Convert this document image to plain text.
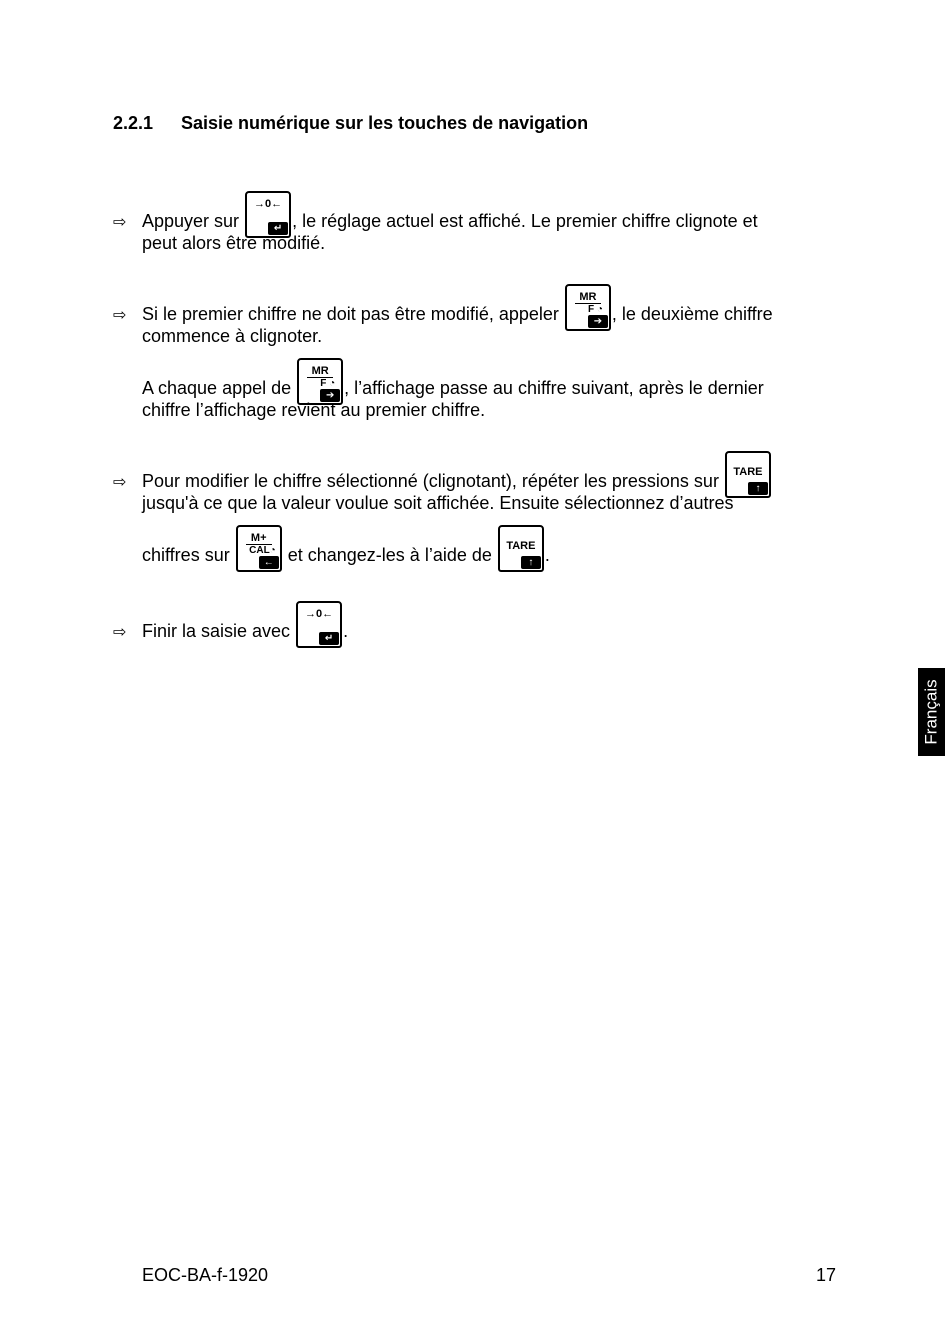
2.2.1	Saisie numérique sur les touches de navigation
⇨ Appuyer sur

→0←
↵ , le réglage actuel est affiché. Le premier chiffre clignote et
peut alors être modifié.
⇨ Si le premier chiffre ne doit pas être modifié, appeler

MR
F ◔
➔ , le deuxième chiffre
commence à clignoter.
A chaque appel de

MR
F ◔
➔ , l’affichage passe au chiffre suivant, après le dernier
chiffre l’affichage revient au premier chiffre.
⇨ Pour modifier le chiffre sélectionné (clignotant), répéter les pressions sur
	TARE
↑
jusqu'à ce que la valeur voulue soit affichée. Ensuite sélectionnez d’autres
chiffres sur

M+
CAL◔
←
et changez-les à l’aide de
	TARE
↑ .
⇨ Finir la saisie avec

→0←
↵ .
Français
EOC-BA-f-1920	17
